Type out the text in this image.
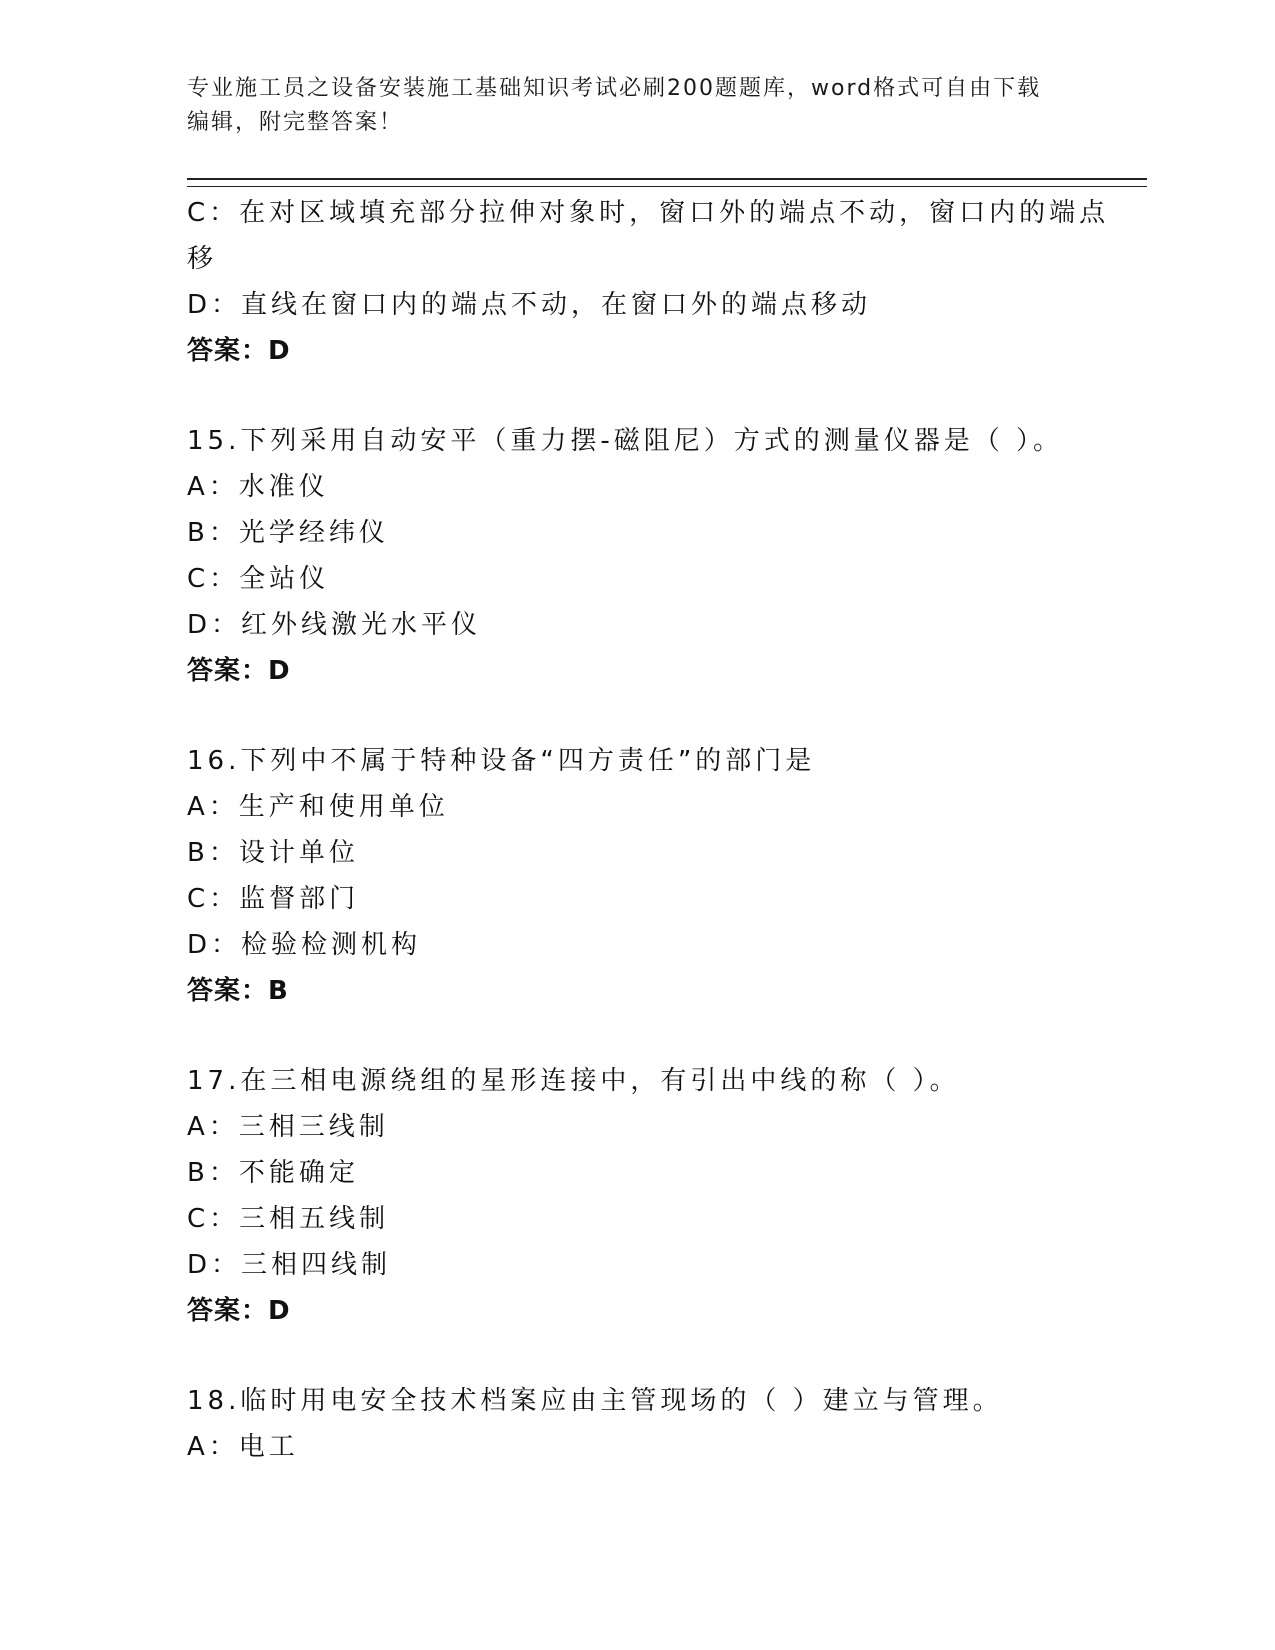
专业施工员之设备安装施工基础知识考试必刷200题题库，word格式可自由下载
编辑，附完整答案！
C：在对区域填充部分拉伸对象时，窗口外的端点不动，窗口内的端点
移
D：直线在窗口内的端点不动，在窗口外的端点移动
答案：D
15.下列采用自动安平（重力摆-磁阻尼）方式的测量仪器是（ ）。
A：水准仪
B：光学经纬仪
C：全站仪
D：红外线激光水平仪
答案：D
16.下列中不属于特种设备“四方责任”的部门是
A：生产和使用单位
B：设计单位
C：监督部门
D：检验检测机构
答案：B
17.在三相电源绕组的星形连接中，有引出中线的称（ ）。
A：三相三线制
B：不能确定
C：三相五线制
D：三相四线制
答案：D
18.临时用电安全技术档案应由主管现场的（ ）建立与管理。
A：电工
